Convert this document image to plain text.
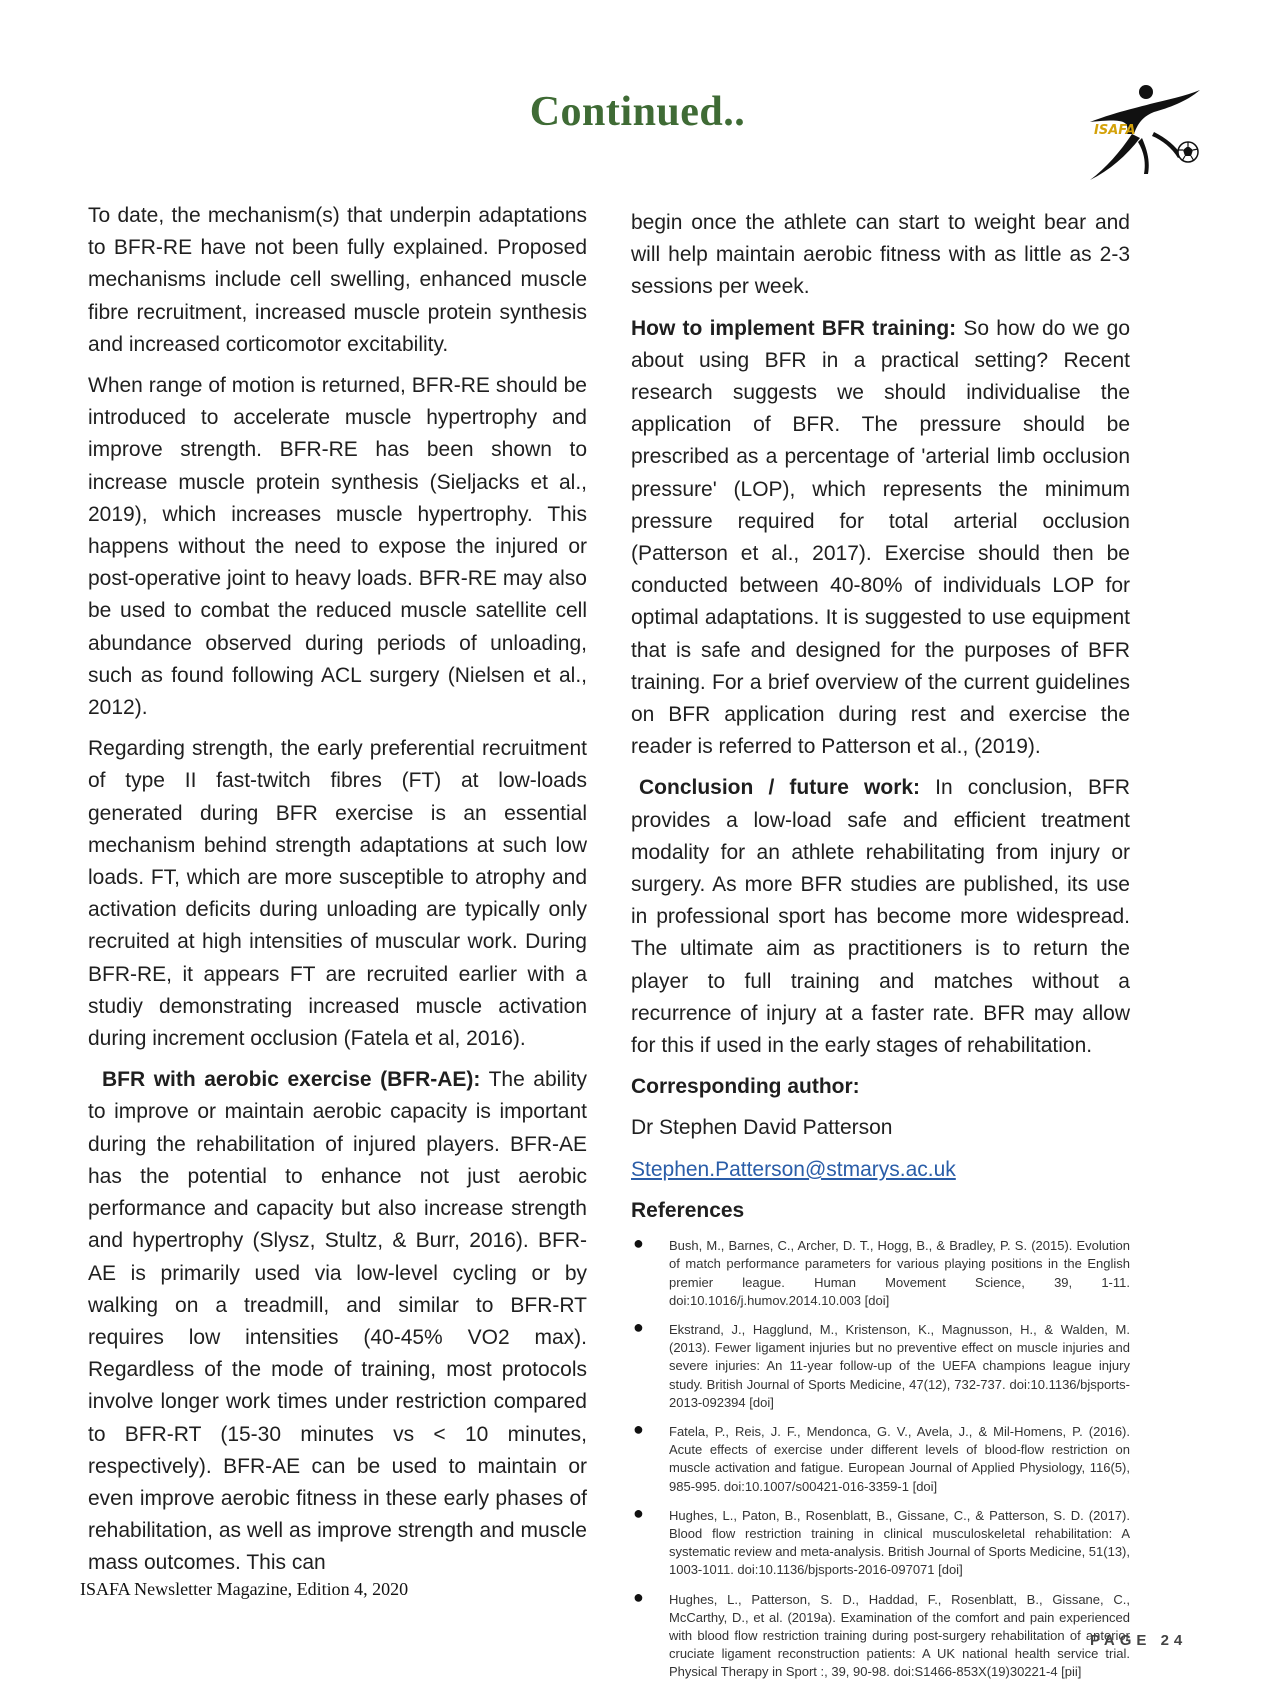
Continued..	ISAFA

To date, the mechanism(s) that underpin adaptations to BFR-RE have not been fully explained. Proposed mechanisms include cell swelling, enhanced muscle fibre recruitment, increased muscle protein synthesis and increased corticomotor excitability.

When range of motion is returned, BFR-RE should be introduced to accelerate muscle hypertrophy and improve strength. BFR-RE has been shown to increase muscle protein synthesis (Sieljacks et al., 2019), which increases muscle hypertrophy. This happens without the need to expose the injured or post-operative joint to heavy loads. BFR-RE may also be used to combat the reduced muscle satellite cell abundance observed during periods of unloading, such as found following ACL surgery (Nielsen et al., 2012).

Regarding strength, the early preferential recruitment of type II fast-twitch fibres (FT) at low-loads generated during BFR exercise is an essential mechanism behind strength adaptations at such low loads. FT, which are more susceptible to atrophy and activation deficits during unloading are typically only recruited at high intensities of muscular work. During BFR-RE, it appears FT are recruited earlier with a studiy demonstrating increased muscle activation during increment occlusion (Fatela et al, 2016).

BFR with aerobic exercise (BFR-AE): The ability to improve or maintain aerobic capacity is important during the rehabilitation of injured players. BFR-AE has the potential to enhance not just aerobic performance and capacity but also increase strength and hypertrophy (Slysz, Stultz, & Burr, 2016). BFR-AE is primarily used via low-level cycling or by walking on a treadmill, and similar to BFR-RT requires low intensities (40-45% VO2 max). Regardless of the mode of training, most protocols involve longer work times under restriction compared to BFR-RT (15-30 minutes vs < 10 minutes, respectively). BFR-AE can be used to maintain or even improve aerobic fitness in these early phases of rehabilitation, as well as improve strength and muscle mass outcomes. This can

begin once the athlete can start to weight bear and will help maintain aerobic fitness with as little as 2-3 sessions per week.

How to implement BFR training: So how do we go about using BFR in a practical setting? Recent research suggests we should individualise the application of BFR. The pressure should be prescribed as a percentage of 'arterial limb occlusion pressure' (LOP), which represents the minimum pressure required for total arterial occlusion (Patterson et al., 2017). Exercise should then be conducted between 40-80% of individuals LOP for optimal adaptations. It is suggested to use equipment that is safe and designed for the purposes of BFR training. For a brief overview of the current guidelines on BFR application during rest and exercise the reader is referred to Patterson et al., (2019).

Conclusion / future work: In conclusion, BFR provides a low-load safe and efficient treatment modality for an athlete rehabilitating from injury or surgery. As more BFR studies are published, its use in professional sport has become more widespread. The ultimate aim as practitioners is to return the player to full training and matches without a recurrence of injury at a faster rate. BFR may allow for this if used in the early stages of rehabilitation.

Corresponding author:

Dr Stephen David Patterson

Stephen.Patterson@stmarys.ac.uk

References

● Bush, M., Barnes, C., Archer, D. T., Hogg, B., & Bradley, P. S. (2015). Evolution of match performance parameters for various playing positions in the English premier league. Human Movement Science, 39, 1-11. doi:10.1016/j.humov.2014.10.003 [doi]
● Ekstrand, J., Hagglund, M., Kristenson, K., Magnusson, H., & Walden, M. (2013). Fewer ligament injuries but no preventive effect on muscle injuries and severe injuries: An 11-year follow-up of the UEFA champions league injury study. British Journal of Sports Medicine, 47(12), 732-737. doi:10.1136/bjsports-2013-092394 [doi]
● Fatela, P., Reis, J. F., Mendonca, G. V., Avela, J., & Mil-Homens, P. (2016). Acute effects of exercise under different levels of blood-flow restriction on muscle activation and fatigue. European Journal of Applied Physiology, 116(5), 985-995. doi:10.1007/s00421-016-3359-1 [doi]
● Hughes, L., Paton, B., Rosenblatt, B., Gissane, C., & Patterson, S. D. (2017). Blood flow restriction training in clinical musculoskeletal rehabilitation: A systematic review and meta-analysis. British Journal of Sports Medicine, 51(13), 1003-1011. doi:10.1136/bjsports-2016-097071 [doi]
● Hughes, L., Patterson, S. D., Haddad, F., Rosenblatt, B., Gissane, C., McCarthy, D., et al. (2019a). Examination of the comfort and pain experienced with blood flow restriction training during post-surgery rehabilitation of anterior cruciate ligament reconstruction patients: A UK national health service trial. Physical Therapy in Sport :, 39, 90-98. doi:S1466-853X(19)30221-4 [pii]
ISAFA Newsletter Magazine, Edition 4, 2020
PAGE 24
